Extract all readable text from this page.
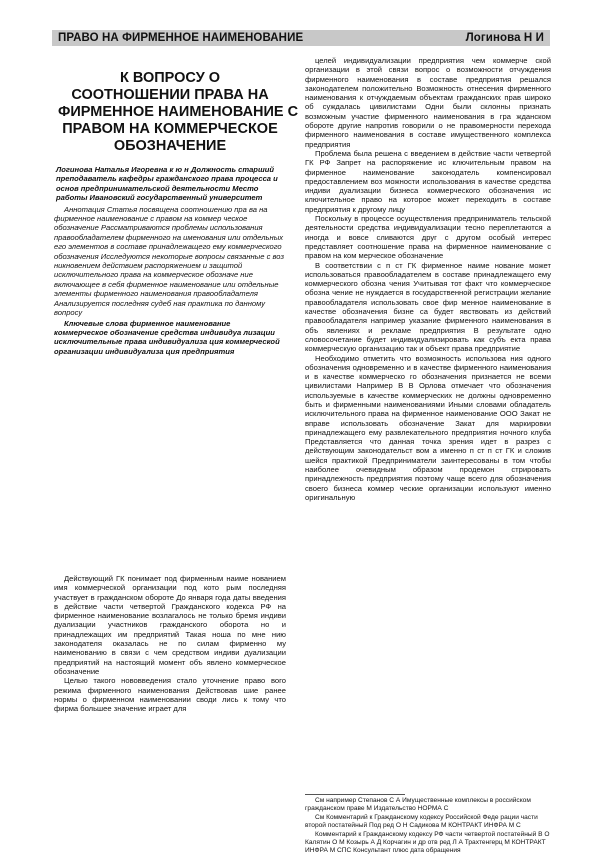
ПРАВО НА ФИРМЕННОЕ НАИМЕНОВАНИЕ	Логинова Н И
К ВОПРОСУ О
СООТНОШЕНИИ ПРАВА НА
ФИРМЕННОЕ НАИМЕНОВАНИЕ С
ПРАВОМ НА КОММЕРЧЕСКОЕ
ОБОЗНАЧЕНИЕ

Логинова Наталья Игоревна к ю н Должность старший преподаватель кафедры гражданского права процесса и основ предпринимательской деятельности Место работы Ивановский государственный университет

Аннотация Статья посвящена соотношению пра ва на фирменное наименование с правом на коммер ческое обозначение Рассматриваются проблемы использования правообладателем фирменного на именования или отдельных его элементов в составе принадлежащего ему коммерческого обозначения Исследуются некоторые вопросы связанные с воз никновением действием распоряжением и защитой исключительного права на коммерческое обозначе ние включающее в себя фирменное наименование или отдельные элементы фирменного наименования правообладателя Анализируется последняя судеб ная практика по данному вопросу

Ключевые слова фирменное наименование коммерческое обозначение средства индивидуа лизации исключительные права индивидуализа ция коммерческой организации индивидуализа ция предприятия

Действующий ГК понимает под фирменным наиме нованием имя коммерческой организации под кото рым последняя участвует в гражданском обороте До января года даты введения в действие части четвертой Гражданского кодекса РФ на фирменное наименование возлагалось не только бремя индиви дуализации участников гражданского оборота но и принадлежащих им предприятий Такая ноша по мне нию законодателя оказалась не по силам фирменно му наименованию в связи с чем средством индиви дуализации предприятий на настоящий момент объ явлено коммерческое обозначение

Целью такого нововведения стало уточнение право вого режима фирменного наименования Действовав шие ранее нормы о фирменном наименовании своди лись к тому что фирма большее значение играет для

целей индивидуализации предприятия чем коммерче ской организации в этой связи вопрос о возможности отчуждения фирменного наименования в составе предприятия решался законодателем положительно Возможность отнесения фирменного наименования к отчуждаемым объектам гражданских прав широко об суждалась цивилистами Одни были склонны признать возможным участие фирменного наименования в гра жданском обороте другие напротив говорили о не правомерности перехода фирменного наименования в составе имущественного комплекса предприятия

Проблема была решена с введением в действие части четвертой ГК РФ Запрет на распоряжение ис ключительным правом на фирменное наименование законодатель компенсировал предоставлением воз можности использования в качестве средства индиви дуализации бизнеса коммерческого обозначения ис ключительное право на которое может переходить в составе предприятия к другому лицу

Поскольку в процессе осуществления предприниматель тельской деятельности средства индивидуализации тесно переплетаются а иногда и вовсе сливаются друг с другом особый интерес представляет соотношение права на фирменное наименование с правом на ком мерческое обозначение

В соответствии с п ст ГК фирменное наиме нование может использоваться правообладателем в составе принадлежащего ему коммерческого обозна чения Учитывая тот факт что коммерческое обозна чение не нуждается в государственной регистрации желание правообладателя использовать свое фир менное наименование в качестве обозначения бизне са будет явствовать из действий правообладателя например указание фирменного наименования в объ явлениях и рекламе предприятия В результате одно словосочетание будет индивидуализировать как субъ екта права коммерческую организацию так и объект права предприятие

Необходимо отметить что возможность использова ния одного обозначения одновременно и в качестве фирменного наименования и в качестве коммерческо го обозначения признается не всеми цивилистами Например В В Орлова отмечает что обозначения используемые в качестве коммерческих не должны одновременно быть и фирменными наименованиями Иными словами обладатель исключительного права на фирменное наименование ООО Закат не вправе использовать обозначение Закат для маркировки принадлежащего ему развлекательного предприятия ночного клуба Представляется что данная точка зрения идет в разрез с действующим законодательст вом а именно п ст п ст ГК и сложив шейся практикой Предприниматели заинтересованы в том чтобы наиболее очевидным образом продемон стрировать принадлежность предприятия поэтому чаще всего для обозначения своего бизнеса коммер ческие организации используют именно оригинальную

См например Степанов С А Имущественные комплексы в российском гражданском праве М Издательство НОРМА С

См Комментарий к Гражданскому кодексу Российской Феде рации части второй постатейный Под ред О Н Садикова М КОНТРАКТ ИНФРА М С

Комментарий к Гражданскому кодексу РФ части четвертой постатейный В О Калятин О М Козырь А Д Корчагин и др отв ред Л А Трахтенгерц М КОНТРАКТ ИНФРА М СПС Консультант плюс дата обращения
